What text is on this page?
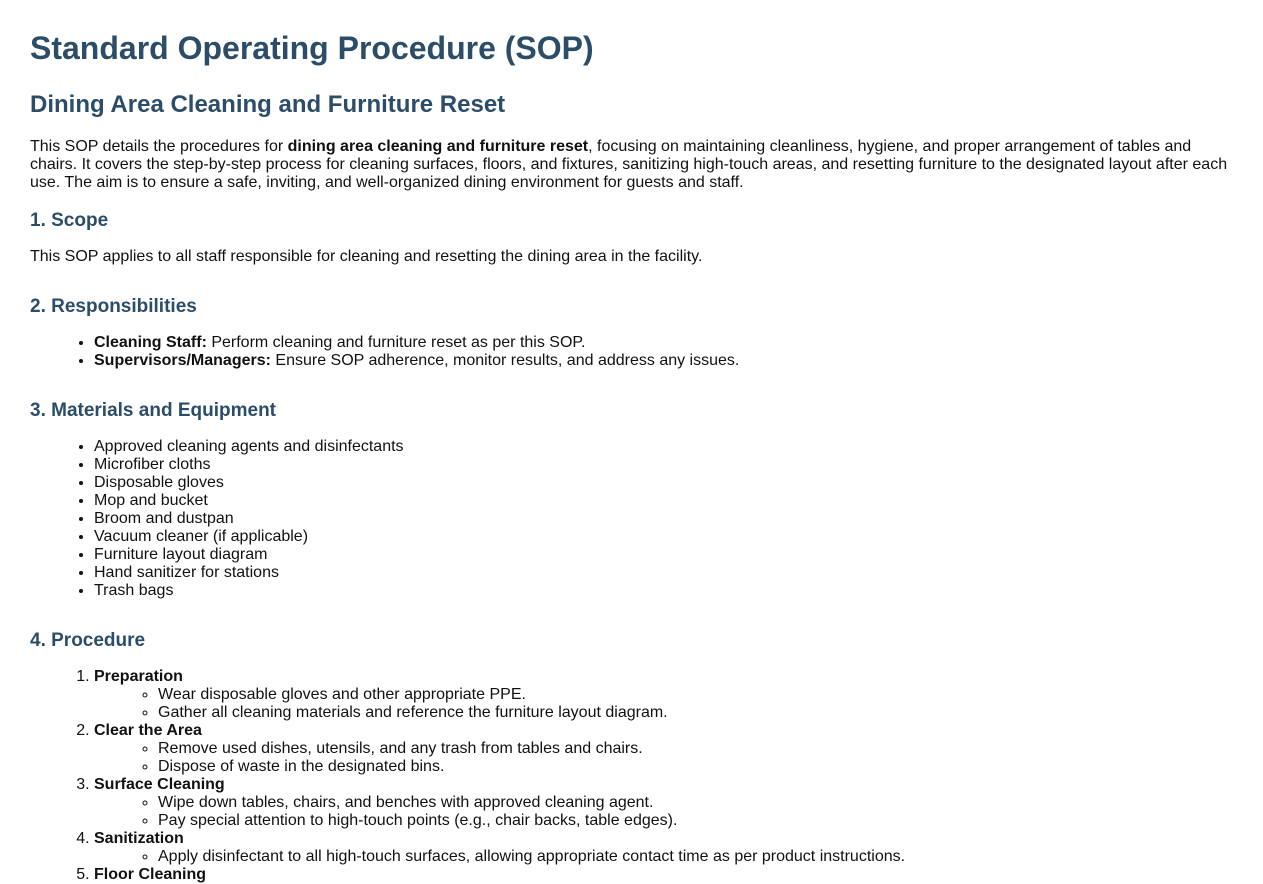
Standard Operating Procedure (SOP)
Dining Area Cleaning and Furniture Reset

This SOP details the procedures for dining area cleaning and furniture reset, focusing on maintaining cleanliness, hygiene, and proper arrangement of tables and chairs. It covers the step-by-step process for cleaning surfaces, floors, and fixtures, sanitizing high-touch areas, and resetting furniture to the designated layout after each use. The aim is to ensure a safe, inviting, and well-organized dining environment for guests and staff.

1. Scope

This SOP applies to all staff responsible for cleaning and resetting the dining area in the facility.

2. Responsibilities
• Cleaning Staff: Perform cleaning and furniture reset as per this SOP.
• Supervisors/Managers: Ensure SOP adherence, monitor results, and address any issues.
3. Materials and Equipment
• Approved cleaning agents and disinfectants
• Microfiber cloths
• Disposable gloves
• Mop and bucket
• Broom and dustpan
• Vacuum cleaner (if applicable)
• Furniture layout diagram
• Hand sanitizer for stations
• Trash bags
4. Procedure
1. Preparation
◦ Wear disposable gloves and other appropriate PPE.
◦ Gather all cleaning materials and reference the furniture layout diagram.
2. Clear the Area
◦ Remove used dishes, utensils, and any trash from tables and chairs.
◦ Dispose of waste in the designated bins.
3. Surface Cleaning
◦ Wipe down tables, chairs, and benches with approved cleaning agent.
◦ Pay special attention to high-touch points (e.g., chair backs, table edges).
4. Sanitization
◦ Apply disinfectant to all high-touch surfaces, allowing appropriate contact time as per product instructions.
5. Floor Cleaning
